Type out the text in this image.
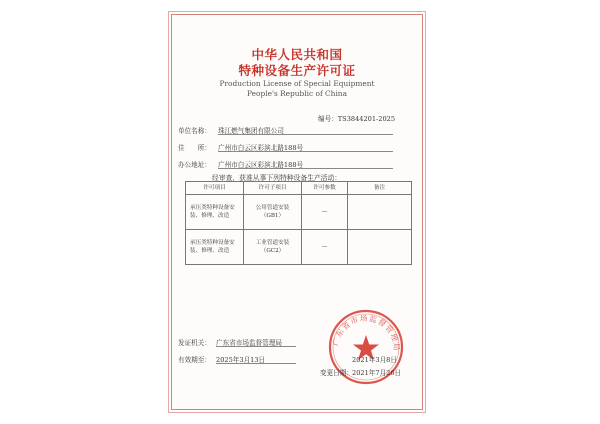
中华人民共和国
特种设备生产许可证
Production License of Special Equipment
People's Republic of China
编号：TS3844201-2025
单位名称： 珠江燃气集团有限公司
住　　所： 广州市白云区彩滨北路188号
办公地址： 广州市白云区彩滨北路188号
经审查，获准从事下列特种设备生产活动：
许可项目	许可子项目	许可参数	备注
承压类特种设备安装、修理、改造	公用管道安装（GB1）	—	
承压类特种设备安装、修理、改造	工业管道安装（GC2）	—	
发证机关： 广东省市场监督管理局
有效期至： 2025年3月13日
广东省市场监督管理局
2021年3月8日
变更日期： 2021年7月26日
